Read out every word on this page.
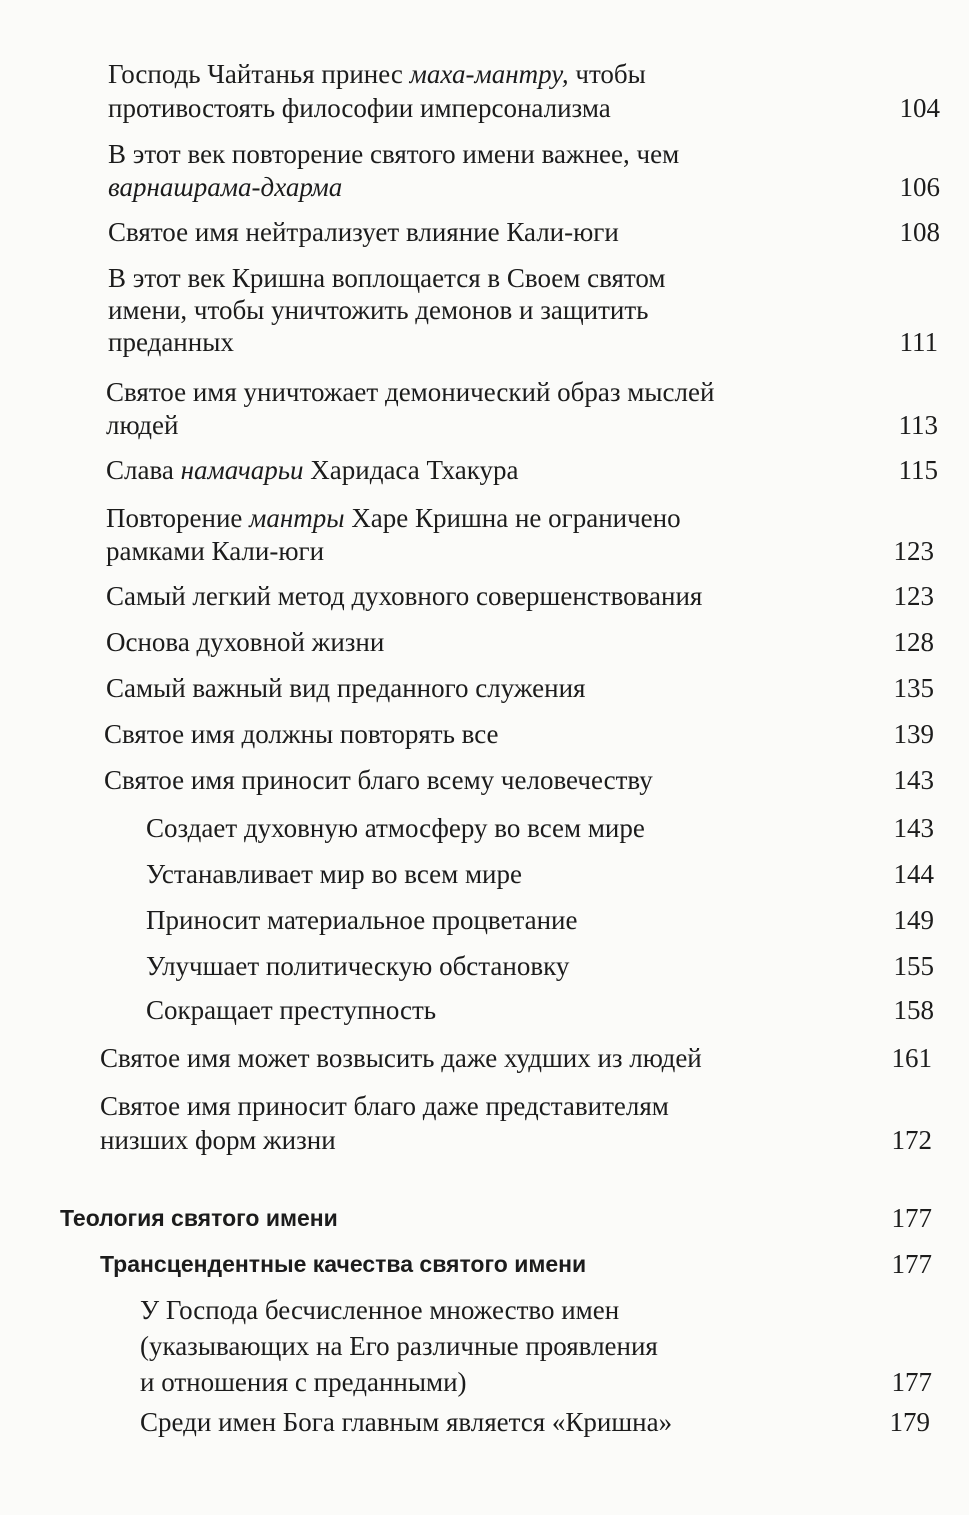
Господь Чайтанья принес маха-мантру, чтобы
противостоять философии имперсонализма	104
В этот век повторение святого имени важнее, чем
варнашрама-дхарма	106
Святое имя нейтрализует влияние Кали-юги	108
В этот век Кришна воплощается в Своем святом
имени, чтобы уничтожить демонов и защитить
преданных	111
Святое имя уничтожает демонический образ мыслей
людей	113
Слава намачарьи Харидаса Тхакура	115
Повторение мантры Харе Кришна не ограничено
рамками Кали-юги	123
Самый легкий метод духовного совершенствования	123
Основа духовной жизни	128
Самый важный вид преданного служения	135
Святое имя должны повторять все	139
Святое имя приносит благо всему человечеству	143
Создает духовную атмосферу во всем мире	143
Устанавливает мир во всем мире	144
Приносит материальное процветание	149
Улучшает политическую обстановку	155
Сокращает преступность	158
Святое имя может возвысить даже худших из людей	161
Святое имя приносит благо даже представителям
низших форм жизни	172
Теология святого имени	177
Трансцендентные качества святого имени	177
У Господа бесчисленное множество имен
(указывающих на Его различные проявления
и отношения с преданными)	177
Среди имен Бога главным является «Кришна»	179
